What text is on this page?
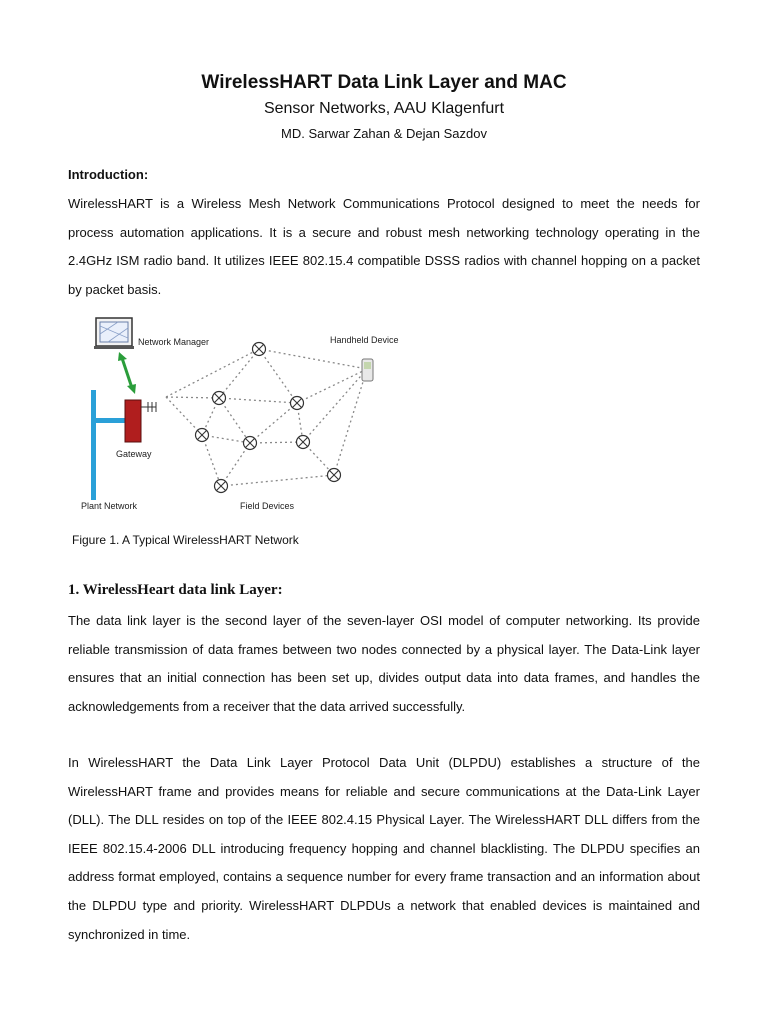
WirelessHART Data Link Layer and MAC
Sensor Networks, AAU Klagenfurt
MD. Sarwar Zahan & Dejan Sazdov
Introduction:

WirelessHART is a Wireless Mesh Network Communications Protocol designed to meet the needs for process automation applications. It is a secure and robust mesh networking technology operating in the 2.4GHz ISM radio band. It utilizes IEEE 802.15.4 compatible DSSS radios with channel hopping on a packet by packet basis.

Network Manager	Handheld Device
Gateway
Plant Network	Field Devices
Figure 1. A Typical WirelessHART Network
1. WirelessHeart data link Layer:

The data link layer is the second layer of the seven-layer OSI model of computer networking. Its provide reliable transmission of data frames between two nodes connected by a physical layer. The Data-Link layer ensures that an initial connection has been set up, divides output data into data frames, and handles the acknowledgements from a receiver that the data arrived successfully.

In WirelessHART the Data Link Layer Protocol Data Unit (DLPDU) establishes a structure of the WirelessHART frame and provides means for reliable and secure communications at the Data-Link Layer (DLL). The DLL resides on top of the IEEE 802.4.15 Physical Layer. The WirelessHART DLL differs from the IEEE 802.15.4-2006 DLL introducing frequency hopping and channel blacklisting. The DLPDU specifies an address format employed, contains a sequence number for every frame transaction and an information about the DLPDU type and priority. WirelessHART DLPDUs a network that enabled devices is maintained and synchronized in time.
